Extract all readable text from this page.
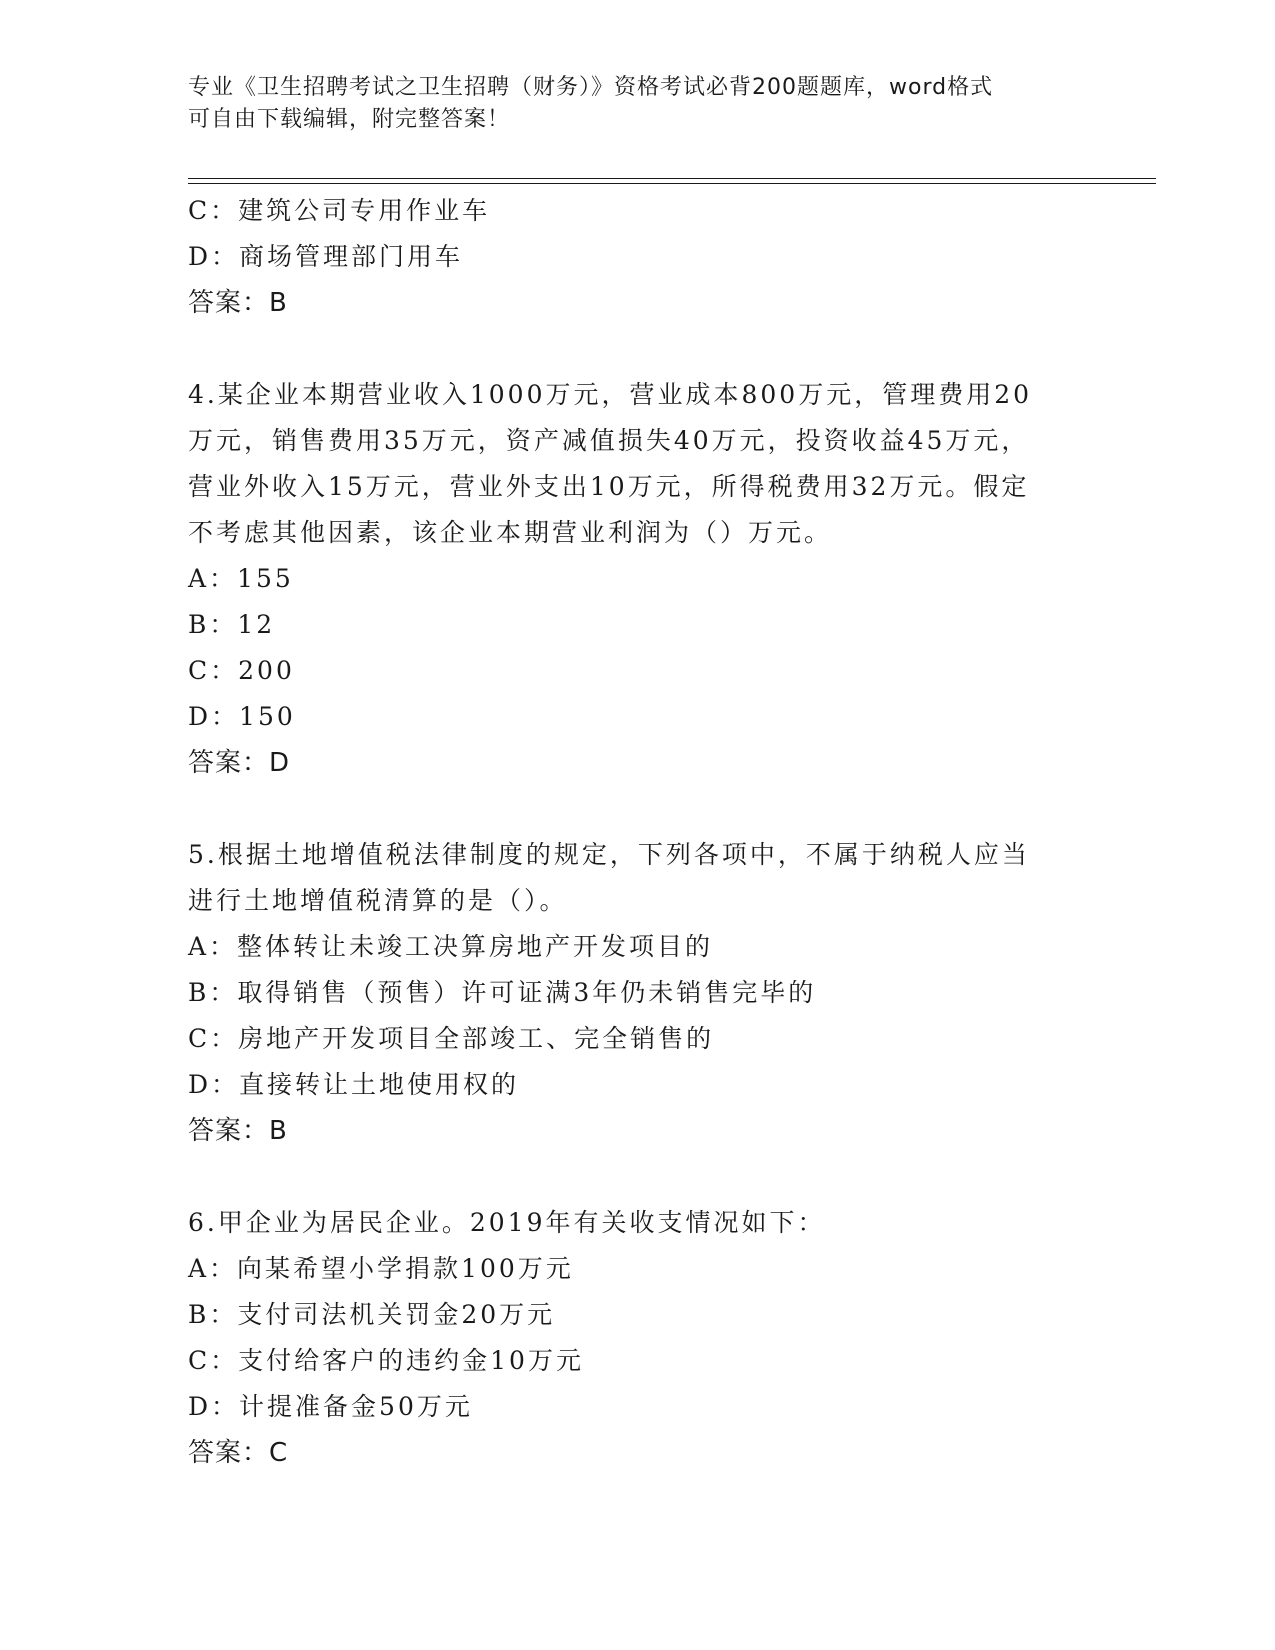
专业《卫生招聘考试之卫生招聘（财务）》资格考试必背200题题库，word格式
可自由下载编辑，附完整答案！
C：建筑公司专用作业车
D：商场管理部门用车
答案：B
4.某企业本期营业收入1000万元，营业成本800万元，管理费用20
万元，销售费用35万元，资产减值损失40万元，投资收益45万元，
营业外收入15万元，营业外支出10万元，所得税费用32万元。假定
不考虑其他因素，该企业本期营业利润为（）万元。
A：155
B：12
C：200
D：150
答案：D
5.根据土地增值税法律制度的规定，下列各项中，不属于纳税人应当
进行土地增值税清算的是（）。
A：整体转让未竣工决算房地产开发项目的
B：取得销售（预售）许可证满3年仍未销售完毕的
C：房地产开发项目全部竣工、完全销售的
D：直接转让土地使用权的
答案：B
6.甲企业为居民企业。2019年有关收支情况如下：
A：向某希望小学捐款100万元
B：支付司法机关罚金20万元
C：支付给客户的违约金10万元
D：计提准备金50万元
答案：C
